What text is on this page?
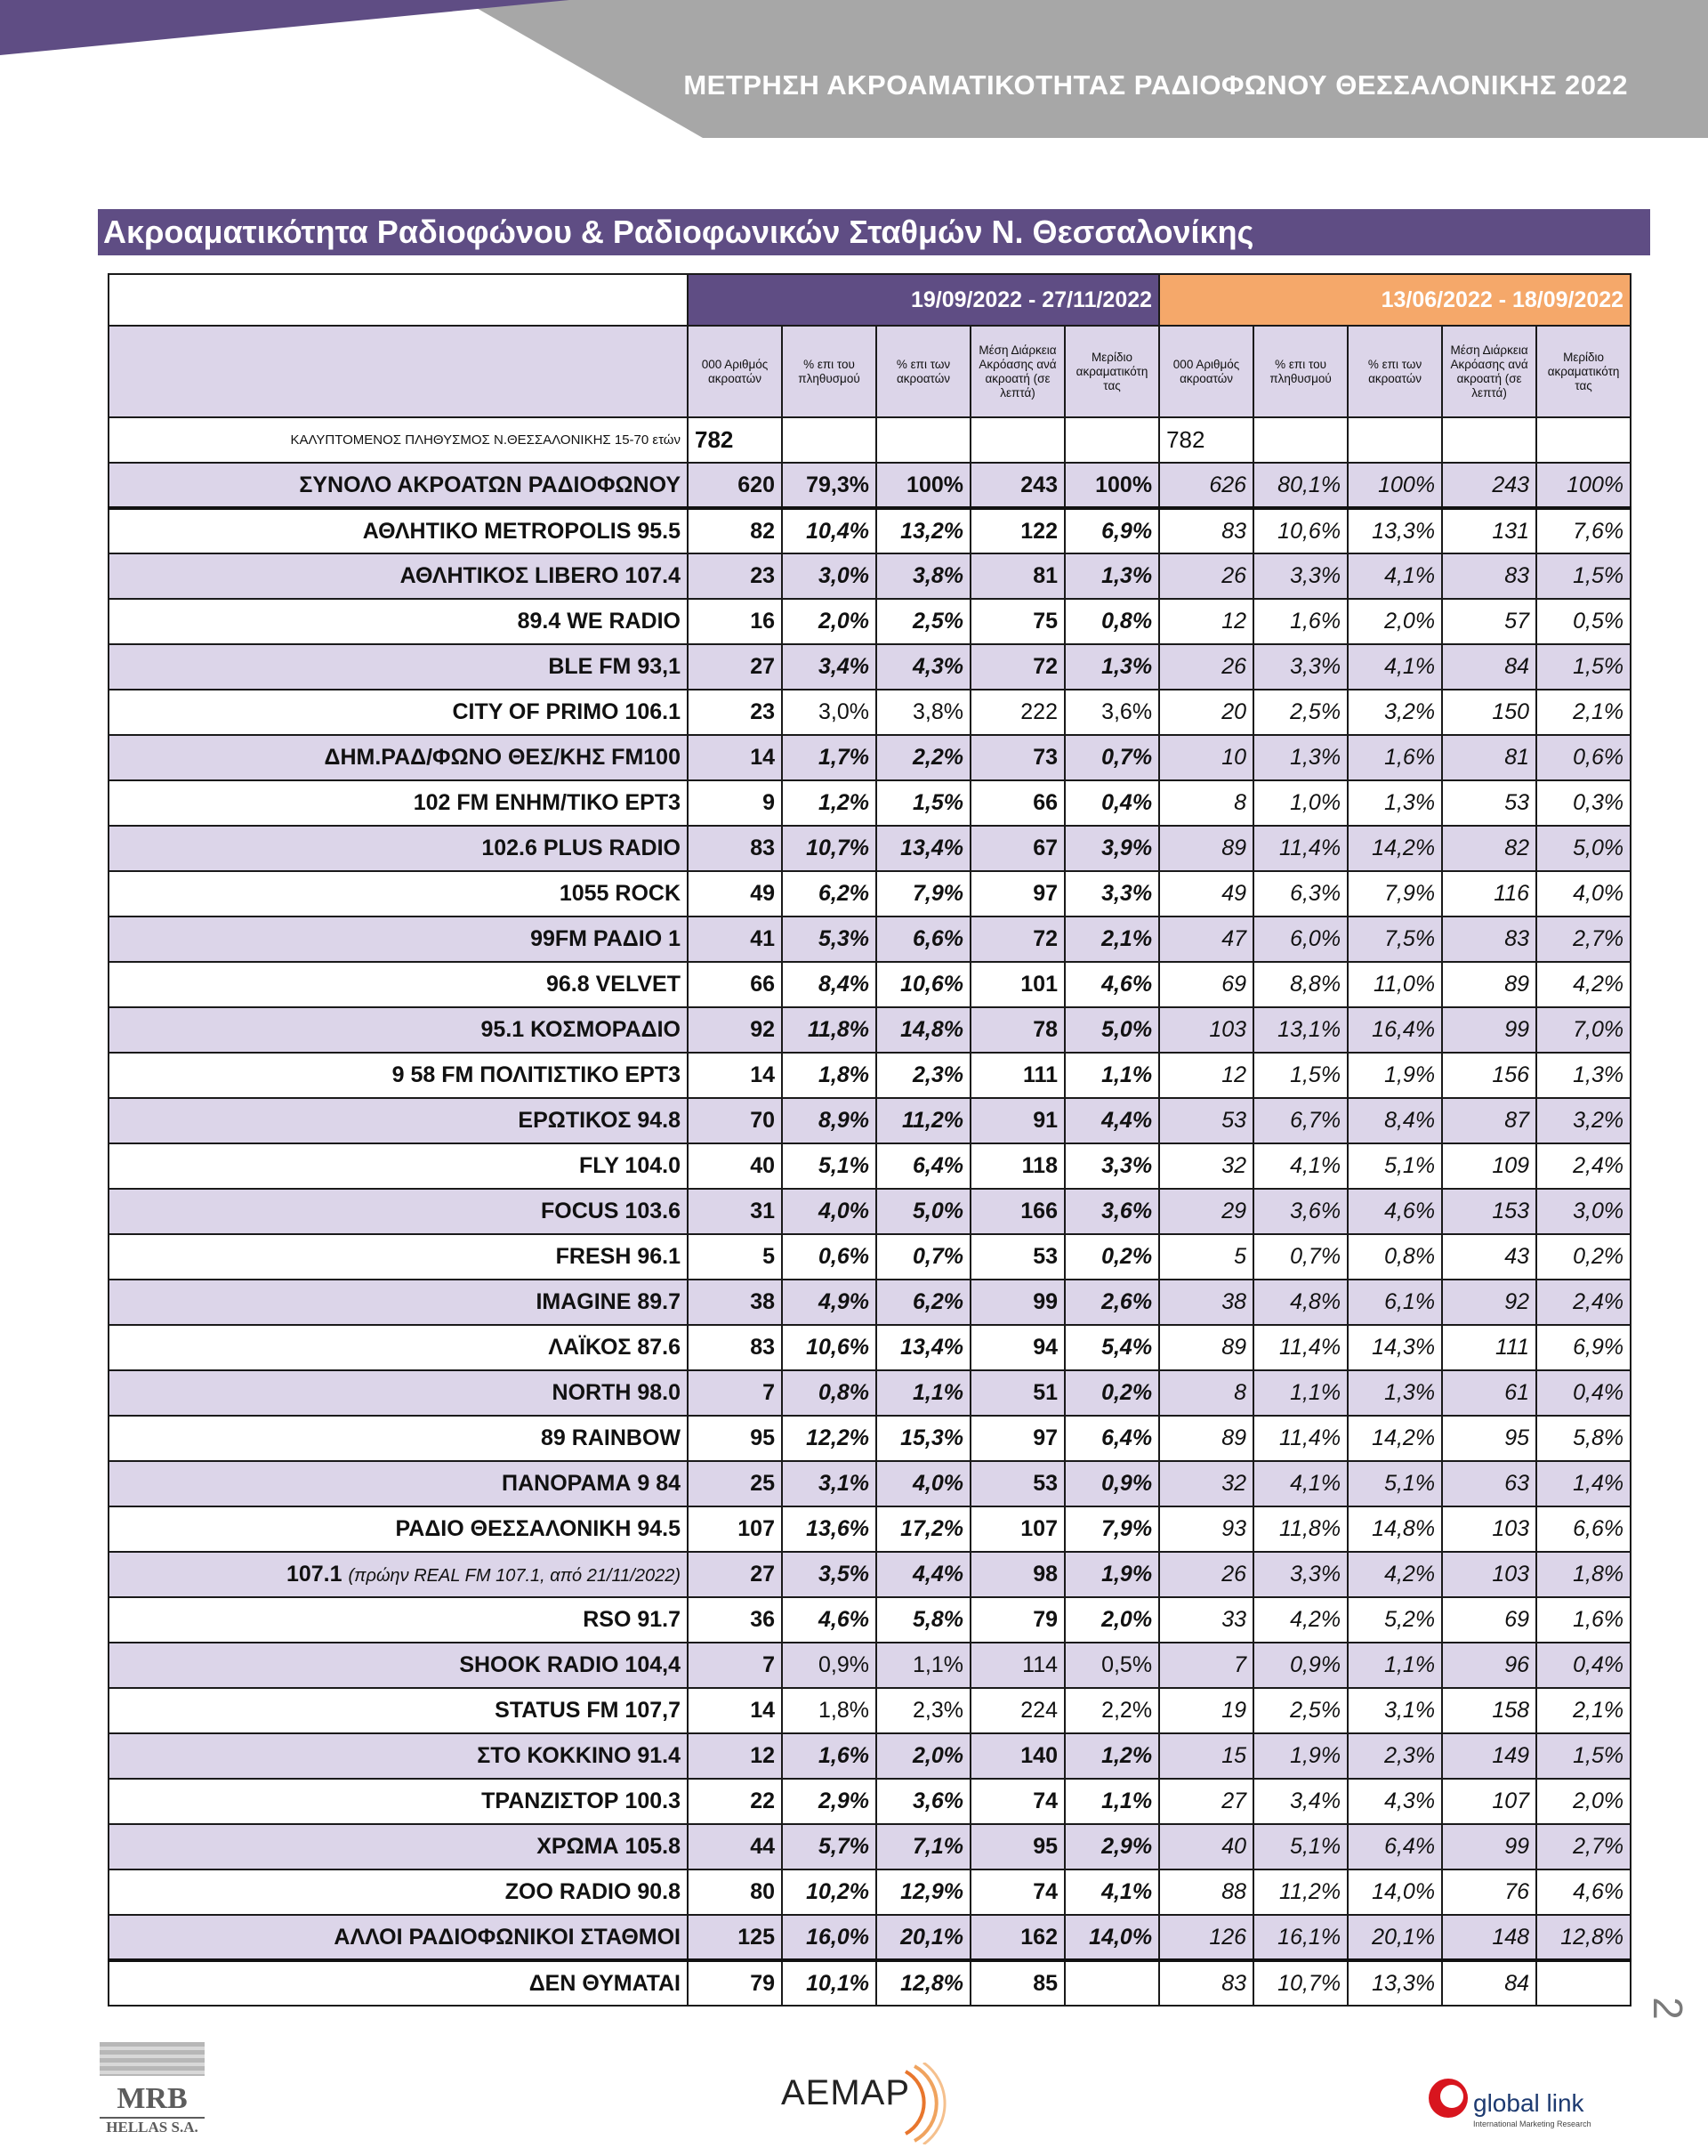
ΜΕΤΡΗΣΗ ΑΚΡΟΑΜΑΤΙΚΟΤΗΤΑΣ ΡΑΔΙΟΦΩΝΟΥ ΘΕΣΣΑΛΟΝΙΚΗΣ 2022
Ακροαματικότητα Ραδιοφώνου & Ραδιοφωνικών Σταθμών Ν. Θεσσαλονίκης
	19/09/2022 - 27/11/2022					13/06/2022 - 18/09/2022				
	000 Αριθμός ακροατών	% επι του πληθυσμού	% επι των ακροατών	Μέση Διάρκεια Ακρόασης ανά ακροατή (σε λεπτά)	Μερίδιο ακραματικότη τας	000 Αριθμός ακροατών	% επι του πληθυσμού	% επι των ακροατών	Μέση Διάρκεια Ακρόασης ανά ακροατή (σε λεπτά)	Μερίδιο ακραματικότη τας
ΚΑΛΥΠΤΟΜΕΝΟΣ ΠΛΗΘΥΣΜΟΣ Ν.ΘΕΣΣΑΛΟΝΙΚΗΣ 15-70 ετών	782					782				
ΣΥΝΟΛΟ ΑΚΡΟΑΤΩΝ ΡΑΔΙΟΦΩΝΟΥ	620	79,3%	100%	243	100%	626	80,1%	100%	243	100%
ΑΘΛΗΤΙΚΟ METROPOLIS 95.5	82	10,4%	13,2%	122	6,9%	83	10,6%	13,3%	131	7,6%
ΑΘΛΗΤΙΚΟΣ LIBERO 107.4	23	3,0%	3,8%	81	1,3%	26	3,3%	4,1%	83	1,5%
89.4 WE RADIO	16	2,0%	2,5%	75	0,8%	12	1,6%	2,0%	57	0,5%
BLE FM 93,1	27	3,4%	4,3%	72	1,3%	26	3,3%	4,1%	84	1,5%
CITY OF PRIMO 106.1	23	3,0%	3,8%	222	3,6%	20	2,5%	3,2%	150	2,1%
ΔΗΜ.ΡΑΔ/ΦΩΝΟ ΘΕΣ/ΚΗΣ FM100	14	1,7%	2,2%	73	0,7%	10	1,3%	1,6%	81	0,6%
102 FM ΕΝΗΜ/ΤΙΚΟ ΕΡΤ3	9	1,2%	1,5%	66	0,4%	8	1,0%	1,3%	53	0,3%
102.6 PLUS RADIO	83	10,7%	13,4%	67	3,9%	89	11,4%	14,2%	82	5,0%
1055 ROCK	49	6,2%	7,9%	97	3,3%	49	6,3%	7,9%	116	4,0%
99FM ΡΑΔΙΟ 1	41	5,3%	6,6%	72	2,1%	47	6,0%	7,5%	83	2,7%
96.8 VELVET	66	8,4%	10,6%	101	4,6%	69	8,8%	11,0%	89	4,2%
95.1 ΚΟΣΜΟΡΑΔΙΟ	92	11,8%	14,8%	78	5,0%	103	13,1%	16,4%	99	7,0%
9 58 FM ΠΟΛΙΤΙΣΤΙΚΟ ΕΡΤ3	14	1,8%	2,3%	111	1,1%	12	1,5%	1,9%	156	1,3%
ΕΡΩΤΙΚΟΣ 94.8	70	8,9%	11,2%	91	4,4%	53	6,7%	8,4%	87	3,2%
FLY 104.0	40	5,1%	6,4%	118	3,3%	32	4,1%	5,1%	109	2,4%
FOCUS 103.6	31	4,0%	5,0%	166	3,6%	29	3,6%	4,6%	153	3,0%
FRESH 96.1	5	0,6%	0,7%	53	0,2%	5	0,7%	0,8%	43	0,2%
IMAGINE 89.7	38	4,9%	6,2%	99	2,6%	38	4,8%	6,1%	92	2,4%
ΛΑΪΚΟΣ 87.6	83	10,6%	13,4%	94	5,4%	89	11,4%	14,3%	111	6,9%
NORTH 98.0	7	0,8%	1,1%	51	0,2%	8	1,1%	1,3%	61	0,4%
89 RAINBOW	95	12,2%	15,3%	97	6,4%	89	11,4%	14,2%	95	5,8%
ΠΑΝΟΡΑΜΑ 9 84	25	3,1%	4,0%	53	0,9%	32	4,1%	5,1%	63	1,4%
ΡΑΔΙΟ ΘΕΣΣΑΛΟΝΙΚΗ 94.5	107	13,6%	17,2%	107	7,9%	93	11,8%	14,8%	103	6,6%
107.1 (πρώην REAL FM 107.1, από 21/11/2022)	27	3,5%	4,4%	98	1,9%	26	3,3%	4,2%	103	1,8%
RSO 91.7	36	4,6%	5,8%	79	2,0%	33	4,2%	5,2%	69	1,6%
SHOOK RADIO 104,4	7	0,9%	1,1%	114	0,5%	7	0,9%	1,1%	96	0,4%
STATUS FM 107,7	14	1,8%	2,3%	224	2,2%	19	2,5%	3,1%	158	2,1%
ΣΤΟ ΚΟΚΚΙΝΟ 91.4	12	1,6%	2,0%	140	1,2%	15	1,9%	2,3%	149	1,5%
ΤΡΑΝΖΙΣΤΟΡ 100.3	22	2,9%	3,6%	74	1,1%	27	3,4%	4,3%	107	2,0%
ΧΡΩΜΑ 105.8	44	5,7%	7,1%	95	2,9%	40	5,1%	6,4%	99	2,7%
ZOO RADIO 90.8	80	10,2%	12,9%	74	4,1%	88	11,2%	14,0%	76	4,6%
ΑΛΛΟΙ ΡΑΔΙΟΦΩΝΙΚΟΙ ΣΤΑΘΜΟΙ	125	16,0%	20,1%	162	14,0%	126	16,1%	20,1%	148	12,8%
ΔΕΝ ΘΥΜΑΤΑΙ	79	10,1%	12,8%	85		83	10,7%	13,3%	84	
2
MRB
HELLAS S.A.
AEMAP	global link
International Marketing Research
